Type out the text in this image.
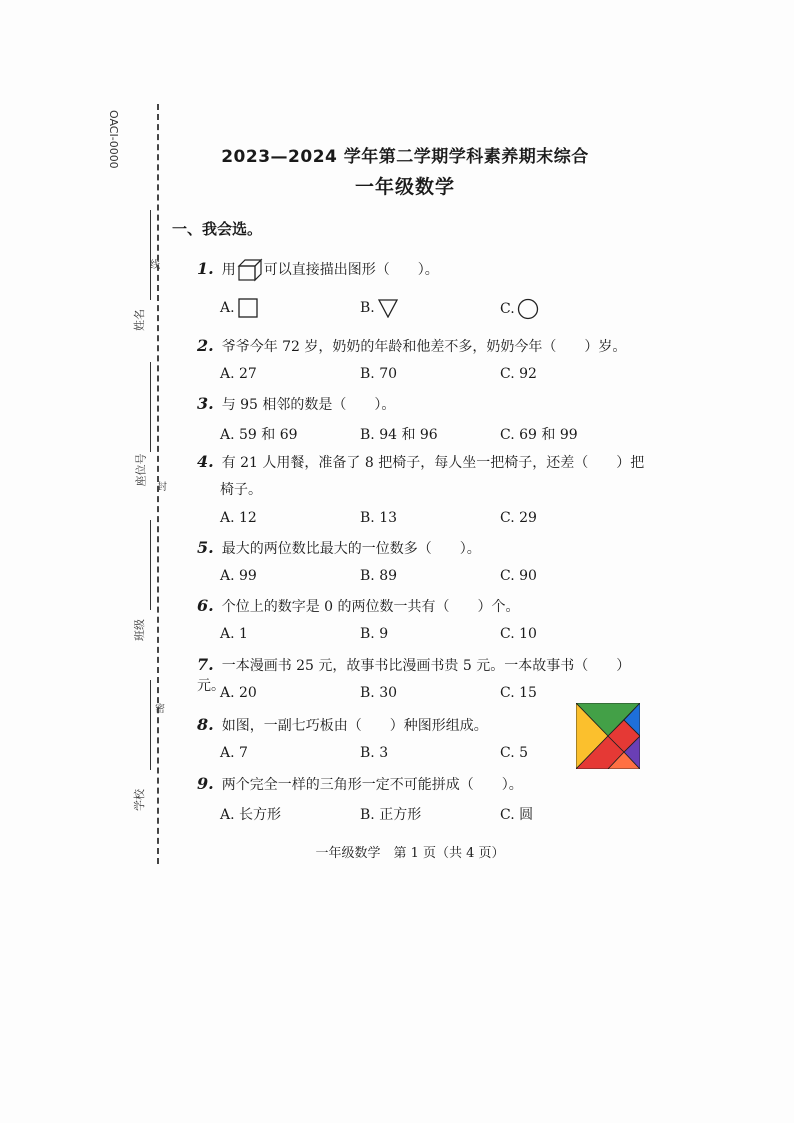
OACI-0000
姓名
线
座位号
封
班级
密
学校
2023—2024 学年第二学期学科素养期末综合
一年级数学
一、我会选。
1. 用 可以直接描出图形（　　）。
A.	B.	C.
2. 爷爷今年 72 岁，奶奶的年龄和他差不多，奶奶今年（　　）岁。
A. 27	B. 70	C. 92
3. 与 95 相邻的数是（　　）。
A. 59 和 69	B. 94 和 96	C. 69 和 99
4. 有 21 人用餐，准备了 8 把椅子，每人坐一把椅子，还差（　　）把
椅子。
A. 12	B. 13	C. 29
5. 最大的两位数比最大的一位数多（　　）。
A. 99	B. 89	C. 90
6. 个位上的数字是 0 的两位数一共有（　　）个。
A. 1	B. 9	C. 10
7. 一本漫画书 25 元，故事书比漫画书贵 5 元。一本故事书（　　）元。
A. 20	B. 30	C. 15
8. 如图，一副七巧板由（　　）种图形组成。
A. 7	B. 3	C. 5
9. 两个完全一样的三角形一定不可能拼成（　　）。
A. 长方形	B. 正方形	C. 圆
一年级数学　第 1 页（共 4 页）
